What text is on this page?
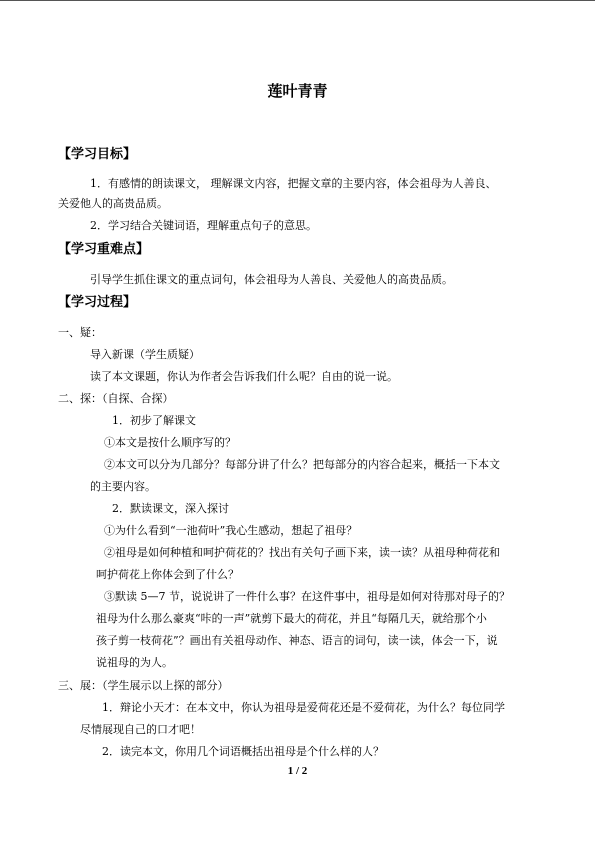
莲叶青青
【学习目标】
1．有感情的朗读课文， 理解课文内容，把握文章的主要内容，体会祖母为人善良、
关爱他人的高贵品质。
2．学习结合关键词语，理解重点句子的意思。
【学习重难点】
引导学生抓住课文的重点词句，体会祖母为人善良、关爱他人的高贵品质。
【学习过程】
一、疑：
导入新课（学生质疑）
读了本文课题，你认为作者会告诉我们什么呢？自由的说一说。
二、探：（自探、合探）
1．初步了解课文
①本文是按什么顺序写的？
②本文可以分为几部分？每部分讲了什么？把每部分的内容合起来，概括一下本文
的主要内容。
2．默读课文，深入探讨
①为什么看到“一池荷叶”我心生感动，想起了祖母？
②祖母是如何种植和呵护荷花的？找出有关句子画下来，读一读？从祖母种荷花和
呵护荷花上你体会到了什么？
③默读 5—7 节，说说讲了一件什么事？在这件事中，祖母是如何对待那对母子的？
祖母为什么那么豪爽“咔的一声”就剪下最大的荷花，并且“每隔几天，就给那个小
孩子剪一枝荷花”？画出有关祖母动作、神态、语言的词句，读一读，体会一下，说
说祖母的为人。
三、展：（学生展示以上探的部分）
1．辩论小天才：在本文中，你认为祖母是爱荷花还是不爱荷花，为什么？每位同学
尽情展现自己的口才吧！
2．读完本文，你用几个词语概括出祖母是个什么样的人？
1 / 2
